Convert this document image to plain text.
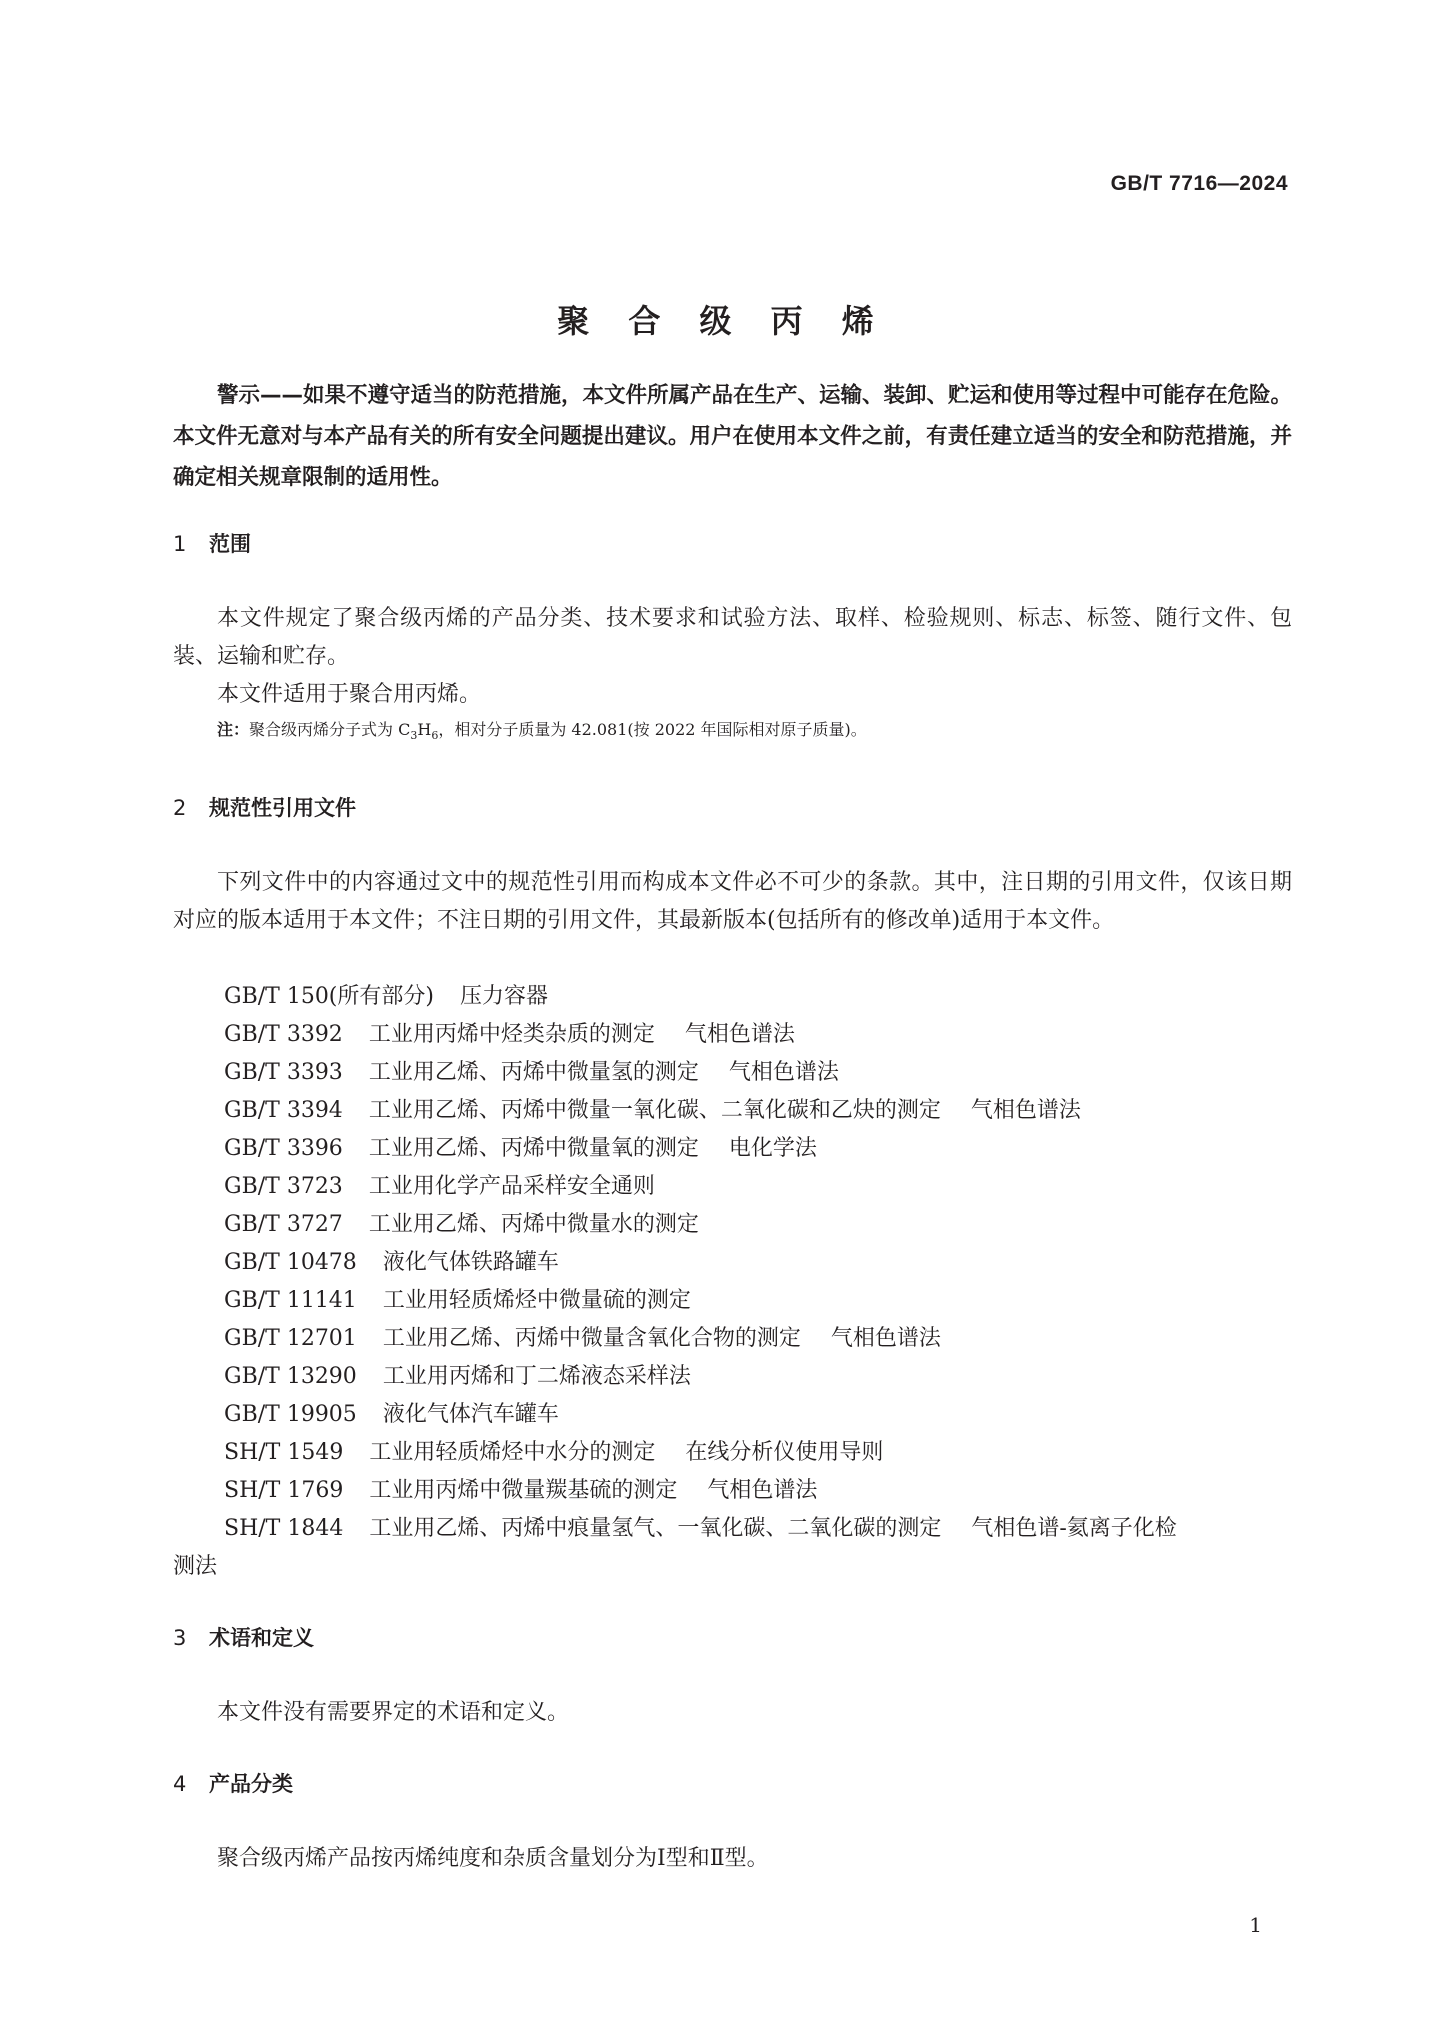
GB/T 7716—2024
聚 合 级 丙 烯
警示——如果不遵守适当的防范措施，本文件所属产品在生产、运输、装卸、贮运和使用等过程中可能存在危险。本文件无意对与本产品有关的所有安全问题提出建议。用户在使用本文件之前，有责任建立适当的安全和防范措施，并确定相关规章限制的适用性。
1 范围
本文件规定了聚合级丙烯的产品分类、技术要求和试验方法、取样、检验规则、标志、标签、随行文件、包装、运输和贮存。
本文件适用于聚合用丙烯。
注：聚合级丙烯分子式为 $C_3H_6$，相对分子质量为 42.081(按 2022 年国际相对原子质量)。
2 规范性引用文件
下列文件中的内容通过文中的规范性引用而构成本文件必不可少的条款。其中，注日期的引用文件，仅该日期对应的版本适用于本文件；不注日期的引用文件，其最新版本(包括所有的修改单)适用于本文件。
GB/T 150(所有部分) 压力容器
GB/T 3392 工业用丙烯中烃类杂质的测定 气相色谱法
GB/T 3393 工业用乙烯、丙烯中微量氢的测定 气相色谱法
GB/T 3394 工业用乙烯、丙烯中微量一氧化碳、二氧化碳和乙炔的测定 气相色谱法
GB/T 3396 工业用乙烯、丙烯中微量氧的测定 电化学法
GB/T 3723 工业用化学产品采样安全通则
GB/T 3727 工业用乙烯、丙烯中微量水的测定
GB/T 10478 液化气体铁路罐车
GB/T 11141 工业用轻质烯烃中微量硫的测定
GB/T 12701 工业用乙烯、丙烯中微量含氧化合物的测定 气相色谱法
GB/T 13290 工业用丙烯和丁二烯液态采样法
GB/T 19905 液化气体汽车罐车
SH/T 1549 工业用轻质烯烃中水分的测定 在线分析仪使用导则
SH/T 1769 工业用丙烯中微量羰基硫的测定 气相色谱法
SH/T 1844 工业用乙烯、丙烯中痕量氢气、一氧化碳、二氧化碳的测定 气相色谱-氦离子化检
测法
3 术语和定义
本文件没有需要界定的术语和定义。
4 产品分类
聚合级丙烯产品按丙烯纯度和杂质含量划分为Ⅰ型和Ⅱ型。
1
